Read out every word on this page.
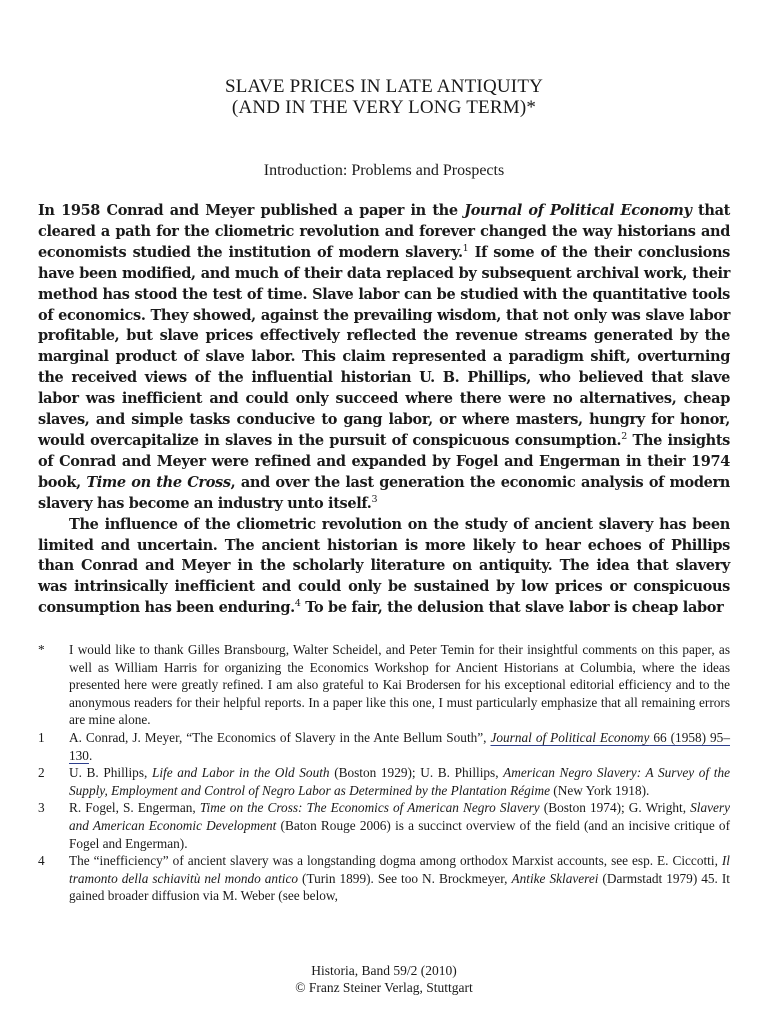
SLAVE PRICES IN LATE ANTIQUITY
(AND IN THE VERY LONG TERM)*
Introduction: Problems and Prospects

In 1958 Conrad and Meyer published a paper in the Journal of Political Economy that cleared a path for the cliometric revolution and forever changed the way historians and economists studied the institution of modern slavery.$^1$ If some of the their conclusions have been modified, and much of their data replaced by subsequent archival work, their method has stood the test of time. Slave labor can be studied with the quantitative tools of economics. They showed, against the prevailing wisdom, that not only was slave labor profitable, but slave prices effectively reflected the revenue streams generated by the marginal product of slave labor. This claim represented a paradigm shift, overturning the received views of the influential historian U. B. Phillips, who believed that slave labor was inefficient and could only succeed where there were no alternatives, cheap slaves, and simple tasks conducive to gang labor, or where masters, hungry for honor, would overcapitalize in slaves in the pursuit of conspicuous consumption.$^2$ The insights of Conrad and Meyer were refined and expanded by Fogel and Engerman in their 1974 book, Time on the Cross, and over the last generation the economic analysis of modern slavery has become an industry unto itself.$^3$

The influence of the cliometric revolution on the study of ancient slavery has been limited and uncertain. The ancient historian is more likely to hear echoes of Phillips than Conrad and Meyer in the scholarly literature on antiquity. The idea that slavery was intrinsically inefficient and could only be sustained by low prices or conspicuous consumption has been enduring.$^4$ To be fair, the delusion that slave labor is cheap labor

*	I would like to thank Gilles Bransbourg, Walter Scheidel, and Peter Temin for their insightful comments on this paper, as well as William Harris for organizing the Economics Workshop for Ancient Historians at Columbia, where the ideas presented here were greatly refined. I am also grateful to Kai Brodersen for his exceptional editorial efficiency and to the anonymous readers for their helpful reports. In a paper like this one, I must particularly emphasize that all remaining errors are mine alone.
1	A. Conrad, J. Meyer, “The Economics of Slavery in the Ante Bellum South”, Journal of Political Economy 66 (1958) 95–130.
2	U. B. Phillips, Life and Labor in the Old South (Boston 1929); U. B. Phillips, American Negro Slavery: A Survey of the Supply, Employment and Control of Negro Labor as Determined by the Plantation Régime (New York 1918).
3	R. Fogel, S. Engerman, Time on the Cross: The Economics of American Negro Slavery (Boston 1974); G. Wright, Slavery and American Economic Development (Baton Rouge 2006) is a succinct overview of the field (and an incisive critique of Fogel and Engerman).
4	The “inefficiency” of ancient slavery was a longstanding dogma among orthodox Marxist accounts, see esp. E. Ciccotti, Il tramonto della schiavitù nel mondo antico (Turin 1899). See too N. Brockmeyer, Antike Sklaverei (Darmstadt 1979) 45. It gained broader diffusion via M. Weber (see below,
Historia, Band 59/2 (2010)
© Franz Steiner Verlag, Stuttgart
